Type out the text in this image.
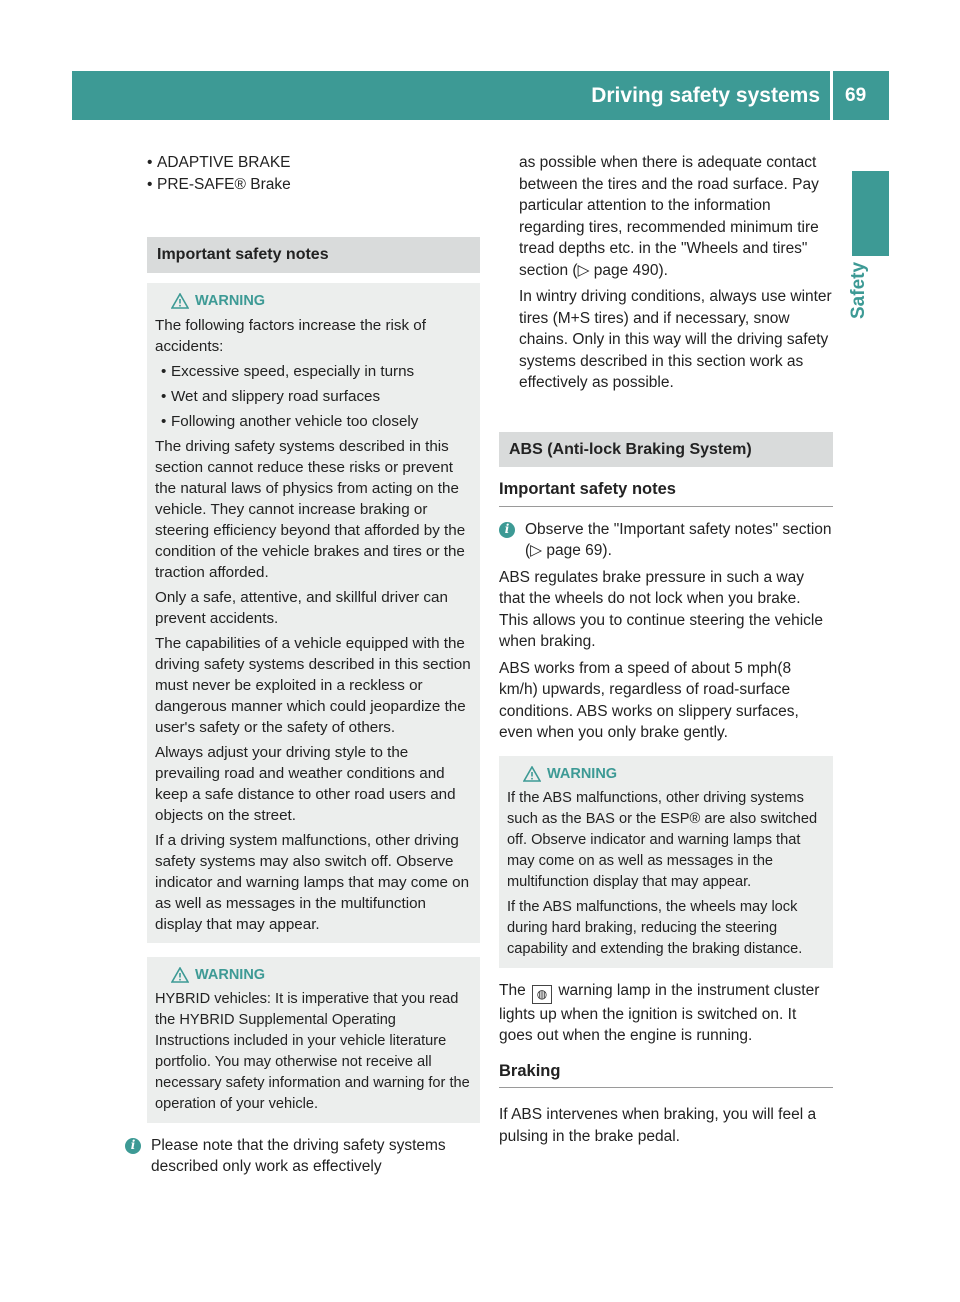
Driving safety systems	69
Safety
• ADAPTIVE BRAKE
• PRE-SAFE® Brake
Important safety notes
WARNING

The following factors increase the risk of accidents:

• Excessive speed, especially in turns
• Wet and slippery road surfaces
• Following another vehicle too closely

The driving safety systems described in this section cannot reduce these risks or prevent the natural laws of physics from acting on the vehicle. They cannot increase braking or steering efficiency beyond that afforded by the condition of the vehicle brakes and tires or the traction afforded.

Only a safe, attentive, and skillful driver can prevent accidents.

The capabilities of a vehicle equipped with the driving safety systems described in this section must never be exploited in a reckless or dangerous manner which could jeopardize the user's safety or the safety of others.

Always adjust your driving style to the prevailing road and weather conditions and keep a safe distance to other road users and objects on the street.

If a driving system malfunctions, other driving safety systems may also switch off. Observe indicator and warning lamps that may come on as well as messages in the multifunction display that may appear.

WARNING

HYBRID vehicles: It is imperative that you read the HYBRID Supplemental Operating Instructions included in your vehicle literature portfolio. You may otherwise not receive all necessary safety information and warning for the operation of your vehicle.

i	Please note that the driving safety systems described only work as effectively

as possible when there is adequate contact between the tires and the road surface. Pay particular attention to the information regarding tires, recommended minimum tire tread depths etc. in the "Wheels and tires" section (▷ page 490).

In wintry driving conditions, always use winter tires (M+S tires) and if necessary, snow chains. Only in this way will the driving safety systems described in this section work as effectively as possible.

ABS (Anti-lock Braking System)
Important safety notes
i	Observe the "Important safety notes" section (▷ page 69).

ABS regulates brake pressure in such a way that the wheels do not lock when you brake. This allows you to continue steering the vehicle when braking.

ABS works from a speed of about 5 mph(8 km/h) upwards, regardless of road-surface conditions. ABS works on slippery surfaces, even when you only brake gently.

WARNING

If the ABS malfunctions, other driving systems such as the BAS or the ESP® are also switched off. Observe indicator and warning lamps that may come on as well as messages in the multifunction display that may appear.

If the ABS malfunctions, the wheels may lock during hard braking, reducing the steering capability and extending the braking distance.

The ◍ warning lamp in the instrument cluster lights up when the ignition is switched on. It goes out when the engine is running.

Braking

If ABS intervenes when braking, you will feel a pulsing in the brake pedal.
